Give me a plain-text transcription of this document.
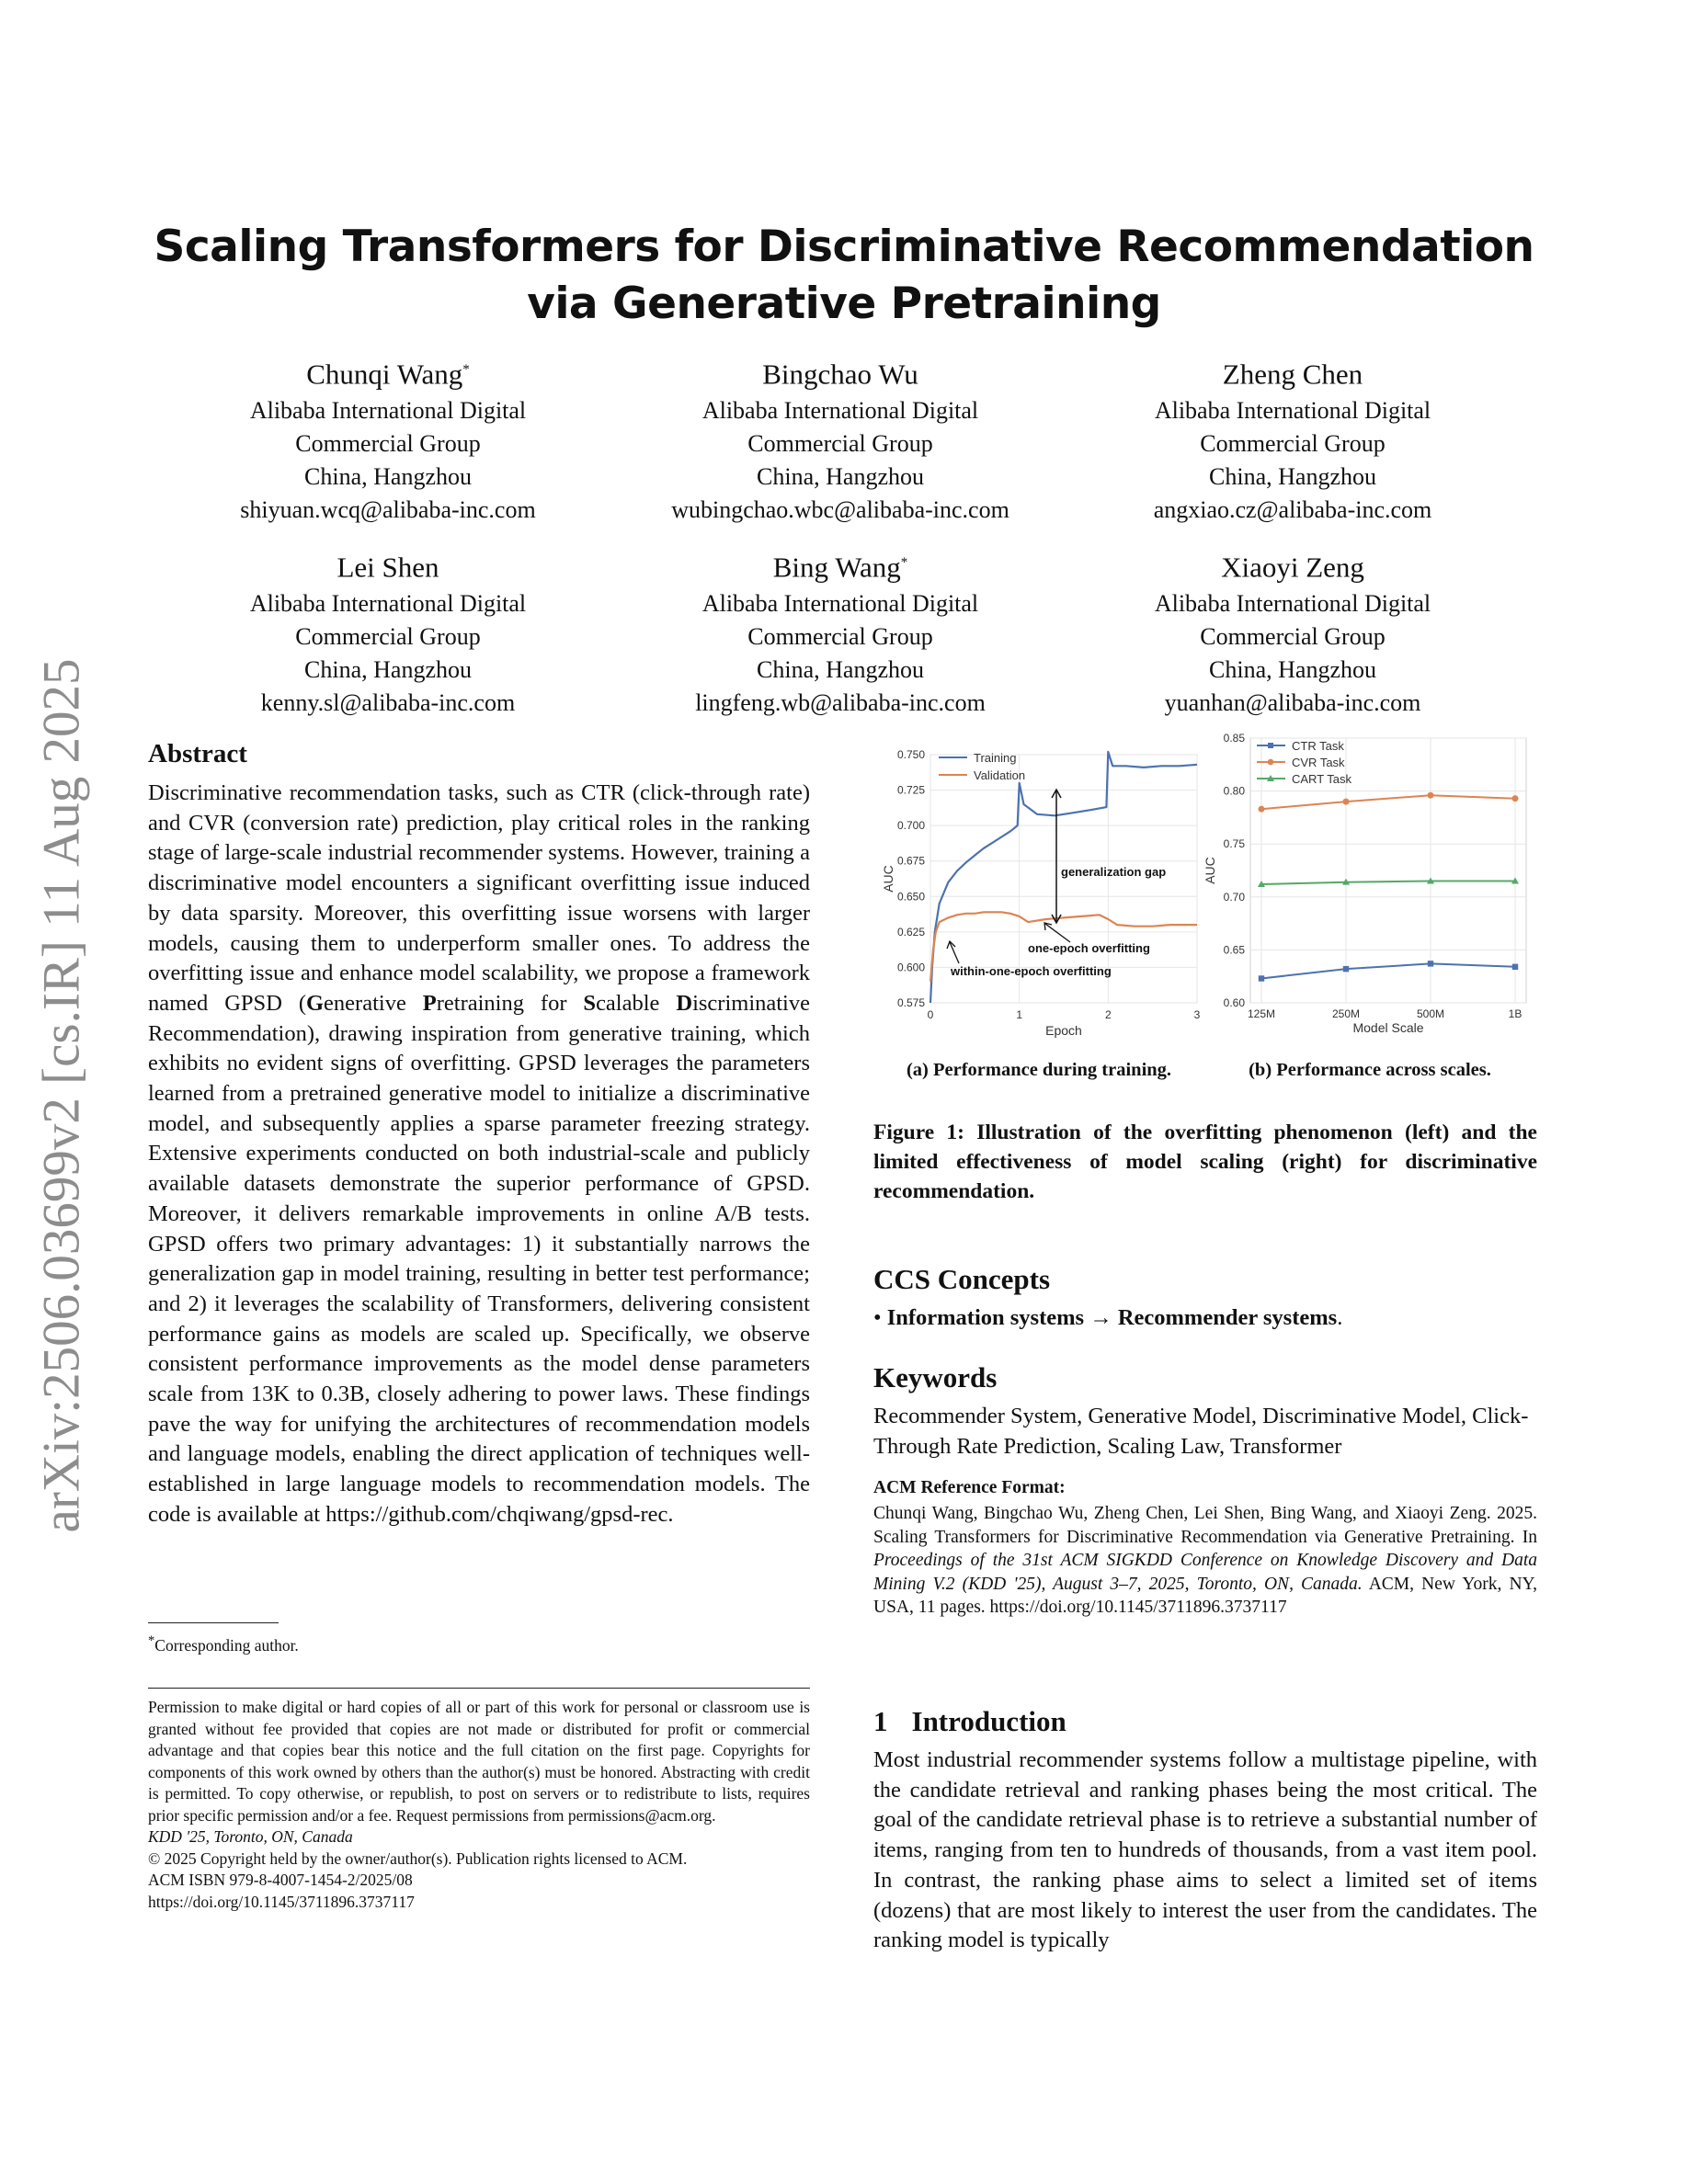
Scaling Transformers for Discriminative Recommendation via Generative Pretraining
arXiv:2506.03699v2 [cs.IR] 11 Aug 2025
Chunqi Wang*
Alibaba International Digital
Commercial Group
China, Hangzhou
shiyuan.wcq@alibaba-inc.com
Bingchao Wu
Alibaba International Digital
Commercial Group
China, Hangzhou
wubingchao.wbc@alibaba-inc.com
Zheng Chen
Alibaba International Digital
Commercial Group
China, Hangzhou
angxiao.cz@alibaba-inc.com
Lei Shen
Alibaba International Digital
Commercial Group
China, Hangzhou
kenny.sl@alibaba-inc.com
Bing Wang*
Alibaba International Digital
Commercial Group
China, Hangzhou
lingfeng.wb@alibaba-inc.com
Xiaoyi Zeng
Alibaba International Digital
Commercial Group
China, Hangzhou
yuanhan@alibaba-inc.com
Abstract

Discriminative recommendation tasks, such as CTR (click-through rate) and CVR (conversion rate) prediction, play critical roles in the ranking stage of large-scale industrial recommender systems. However, training a discriminative model encounters a significant overfitting issue induced by data sparsity. Moreover, this overfitting issue worsens with larger models, causing them to underperform smaller ones. To address the overfitting issue and enhance model scalability, we propose a framework named GPSD (Generative Pretraining for Scalable Discriminative Recommendation), drawing inspiration from generative training, which exhibits no evident signs of overfitting. GPSD leverages the parameters learned from a pretrained generative model to initialize a discriminative model, and subsequently applies a sparse parameter freezing strategy. Extensive experiments conducted on both industrial-scale and publicly available datasets demonstrate the superior performance of GPSD. Moreover, it delivers remarkable improvements in online A/B tests. GPSD offers two primary advantages: 1) it substantially narrows the generalization gap in model training, resulting in better test performance; and 2) it leverages the scalability of Transformers, delivering consistent performance gains as models are scaled up. Specifically, we observe consistent performance improvements as the model dense parameters scale from 13K to 0.3B, closely adhering to power laws. These findings pave the way for unifying the architectures of recommendation models and language models, enabling the direct application of techniques well-established in large language models to recommendation models. The code is available at https://github.com/chqiwang/gpsd-rec.

*Corresponding author.

Permission to make digital or hard copies of all or part of this work for personal or classroom use is granted without fee provided that copies are not made or distributed for profit or commercial advantage and that copies bear this notice and the full citation on the first page. Copyrights for components of this work owned by others than the author(s) must be honored. Abstracting with credit is permitted. To copy otherwise, or republish, to post on servers or to redistribute to lists, requires prior specific permission and/or a fee. Request permissions from permissions@acm.org.
KDD '25, Toronto, ON, Canada
© 2025 Copyright held by the owner/author(s). Publication rights licensed to ACM.
ACM ISBN 979-8-4007-1454-2/2025/08
https://doi.org/10.1145/3711896.3737117
0.575
0.600
0.625
0.650
0.675
0.700
0.725
0.750
0	1	2	3
AUC
Epoch
Training
Validation
generalization gap
one-epoch overfitting
within-one-epoch overfitting
0.60
0.65
0.70
0.75
0.80
0.85
125M	250M	500M	1B
AUC
Model Scale
CTR Task
CVR Task
CART Task
(a) Performance during training.	(b) Performance across scales.

Figure 1: Illustration of the overfitting phenomenon (left) and the limited effectiveness of model scaling (right) for discriminative recommendation.

CCS Concepts

• Information systems → Recommender systems.

Keywords

Recommender System, Generative Model, Discriminative Model, Click-Through Rate Prediction, Scaling Law, Transformer

ACM Reference Format:

Chunqi Wang, Bingchao Wu, Zheng Chen, Lei Shen, Bing Wang, and Xiaoyi Zeng. 2025. Scaling Transformers for Discriminative Recommendation via Generative Pretraining. In Proceedings of the 31st ACM SIGKDD Conference on Knowledge Discovery and Data Mining V.2 (KDD '25), August 3–7, 2025, Toronto, ON, Canada. ACM, New York, NY, USA, 11 pages. https://doi.org/10.1145/3711896.3737117

1 Introduction

Most industrial recommender systems follow a multistage pipeline, with the candidate retrieval and ranking phases being the most critical. The goal of the candidate retrieval phase is to retrieve a substantial number of items, ranging from ten to hundreds of thousands, from a vast item pool. In contrast, the ranking phase aims to select a limited set of items (dozens) that are most likely to interest the user from the candidates. The ranking model is typically
